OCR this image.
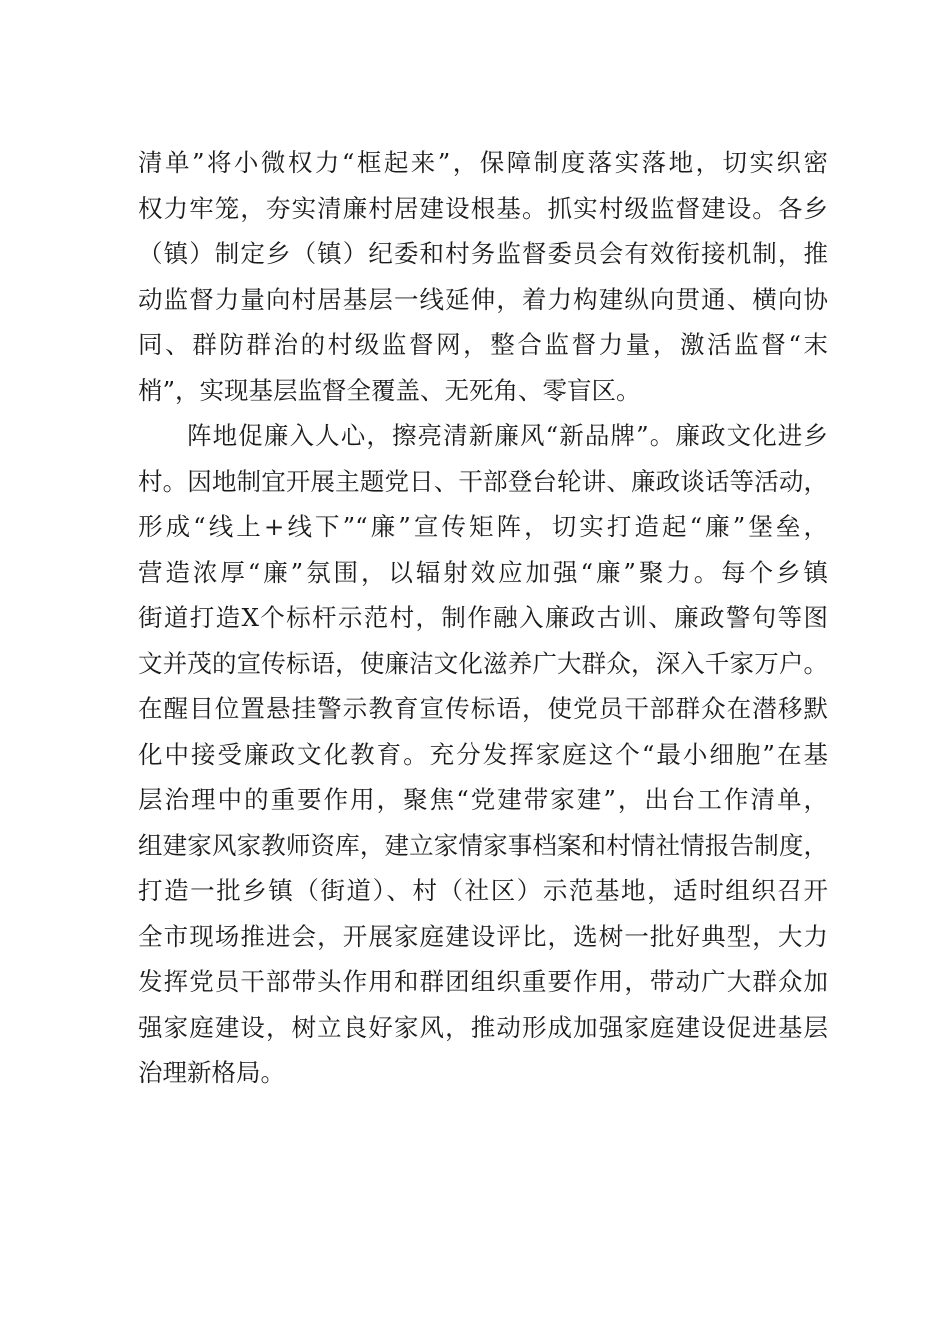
清单”将小微权力“框起来”，保障制度落实落地，切实织密
权力牢笼，夯实清廉村居建设根基。抓实村级监督建设。各乡
（镇）制定乡（镇）纪委和村务监督委员会有效衔接机制，推
动监督力量向村居基层一线延伸，着力构建纵向贯通、横向协
同、群防群治的村级监督网，整合监督力量，激活监督“末
梢”，实现基层监督全覆盖、无死角、零盲区。
阵地促廉入人心，擦亮清新廉风“新品牌”。廉政文化进乡
村。因地制宜开展主题党日、干部登台轮讲、廉政谈话等活动，
形成“线上+线下”“廉”宣传矩阵，切实打造起“廉”堡垒，
营造浓厚“廉”氛围，以辐射效应加强“廉”聚力。每个乡镇
街道打造X个标杆示范村，制作融入廉政古训、廉政警句等图
文并茂的宣传标语，使廉洁文化滋养广大群众，深入千家万户。
在醒目位置悬挂警示教育宣传标语，使党员干部群众在潜移默
化中接受廉政文化教育。充分发挥家庭这个“最小细胞”在基
层治理中的重要作用，聚焦“党建带家建”，出台工作清单，
组建家风家教师资库，建立家情家事档案和村情社情报告制度，
打造一批乡镇（街道）、村（社区）示范基地，适时组织召开
全市现场推进会，开展家庭建设评比，选树一批好典型，大力
发挥党员干部带头作用和群团组织重要作用，带动广大群众加
强家庭建设，树立良好家风，推动形成加强家庭建设促进基层
治理新格局。
